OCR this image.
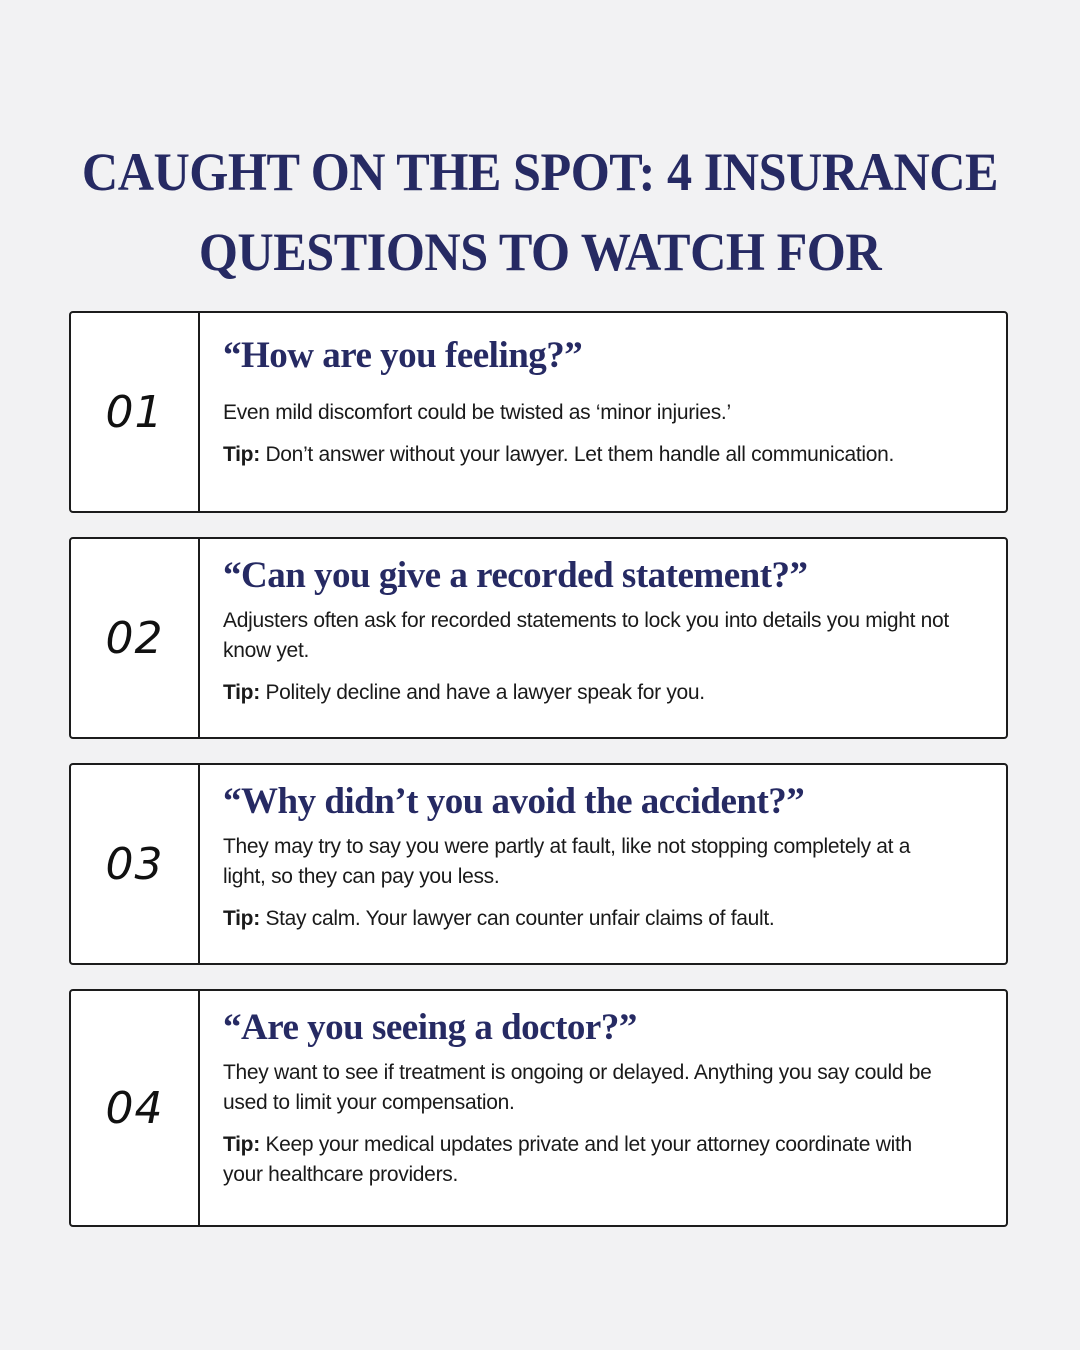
CAUGHT ON THE SPOT: 4 INSURANCE
QUESTIONS TO WATCH FOR
01

“How are you feeling?”

Even mild discomfort could be twisted as ‘minor injuries.’

Tip: Don’t answer without your lawyer. Let them handle all communication.

02

“Can you give a recorded statement?”

Adjusters often ask for recorded statements to lock you into details you might not know yet.

Tip: Politely decline and have a lawyer speak for you.

03

“Why didn’t you avoid the accident?”

They may try to say you were partly at fault, like not stopping completely at a light, so they can pay you less.

Tip: Stay calm. Your lawyer can counter unfair claims of fault.

04

“Are you seeing a doctor?”

They want to see if treatment is ongoing or delayed. Anything you say could be used to limit your compensation.

Tip: Keep your medical updates private and let your attorney coordinate with your healthcare providers.
